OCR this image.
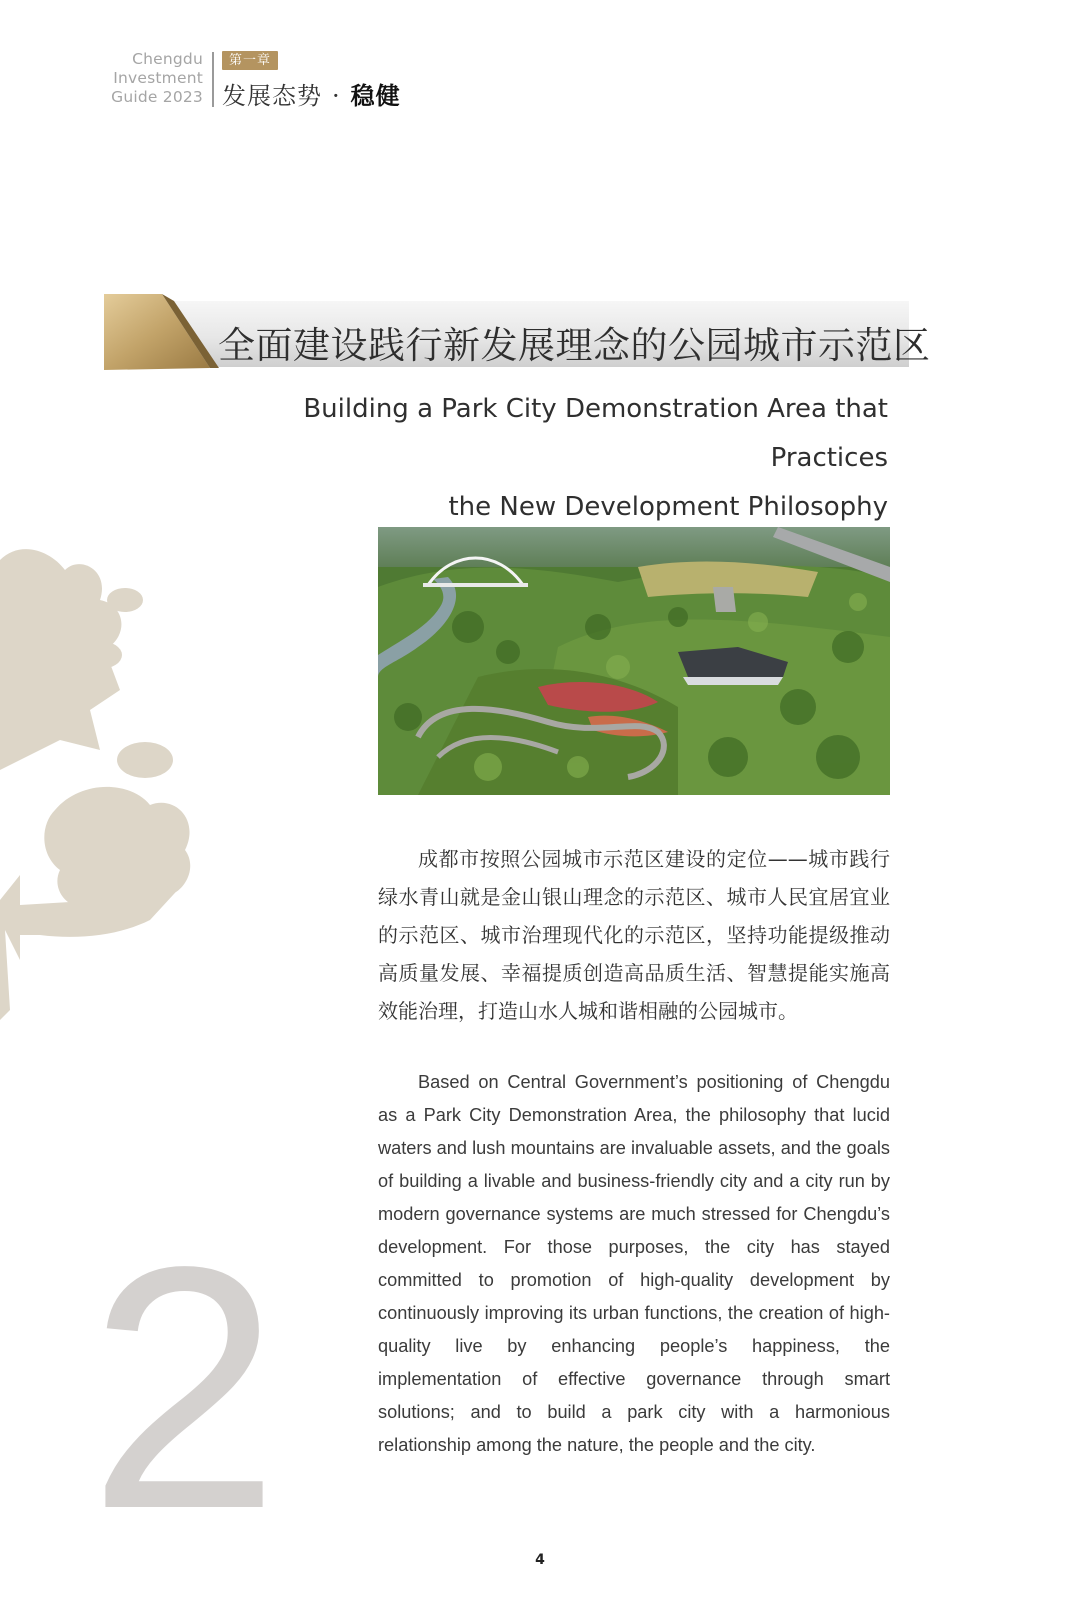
Chengdu
Investment
Guide 2023
第一章
发展态势 · 稳健
2
全面建设践行新发展理念的公园城市示范区
Building a Park City Demonstration Area that Practices
the New Development Philosophy
成都市按照公园城市示范区建设的定位——城市践行绿水青山就是金山银山理念的示范区、城市人民宜居宜业的示范区、城市治理现代化的示范区，坚持功能提级推动高质量发展、幸福提质创造高品质生活、智慧提能实施高效能治理，打造山水人城和谐相融的公园城市。
Based on Central Government’s positioning of Chengdu as a Park City Demonstration Area, the philosophy that lucid waters and lush mountains are invaluable assets, and the goals of building a livable and business-friendly city and a city run by modern governance systems are much stressed for Chengdu’s development. For those purposes, the city has stayed committed to promotion of high-quality development by continuously improving its urban functions, the creation of high-quality live by enhancing people’s happiness, the implementation of effective governance through smart solutions; and to build a park city with a harmonious relationship among the nature, the people and the city.
4
